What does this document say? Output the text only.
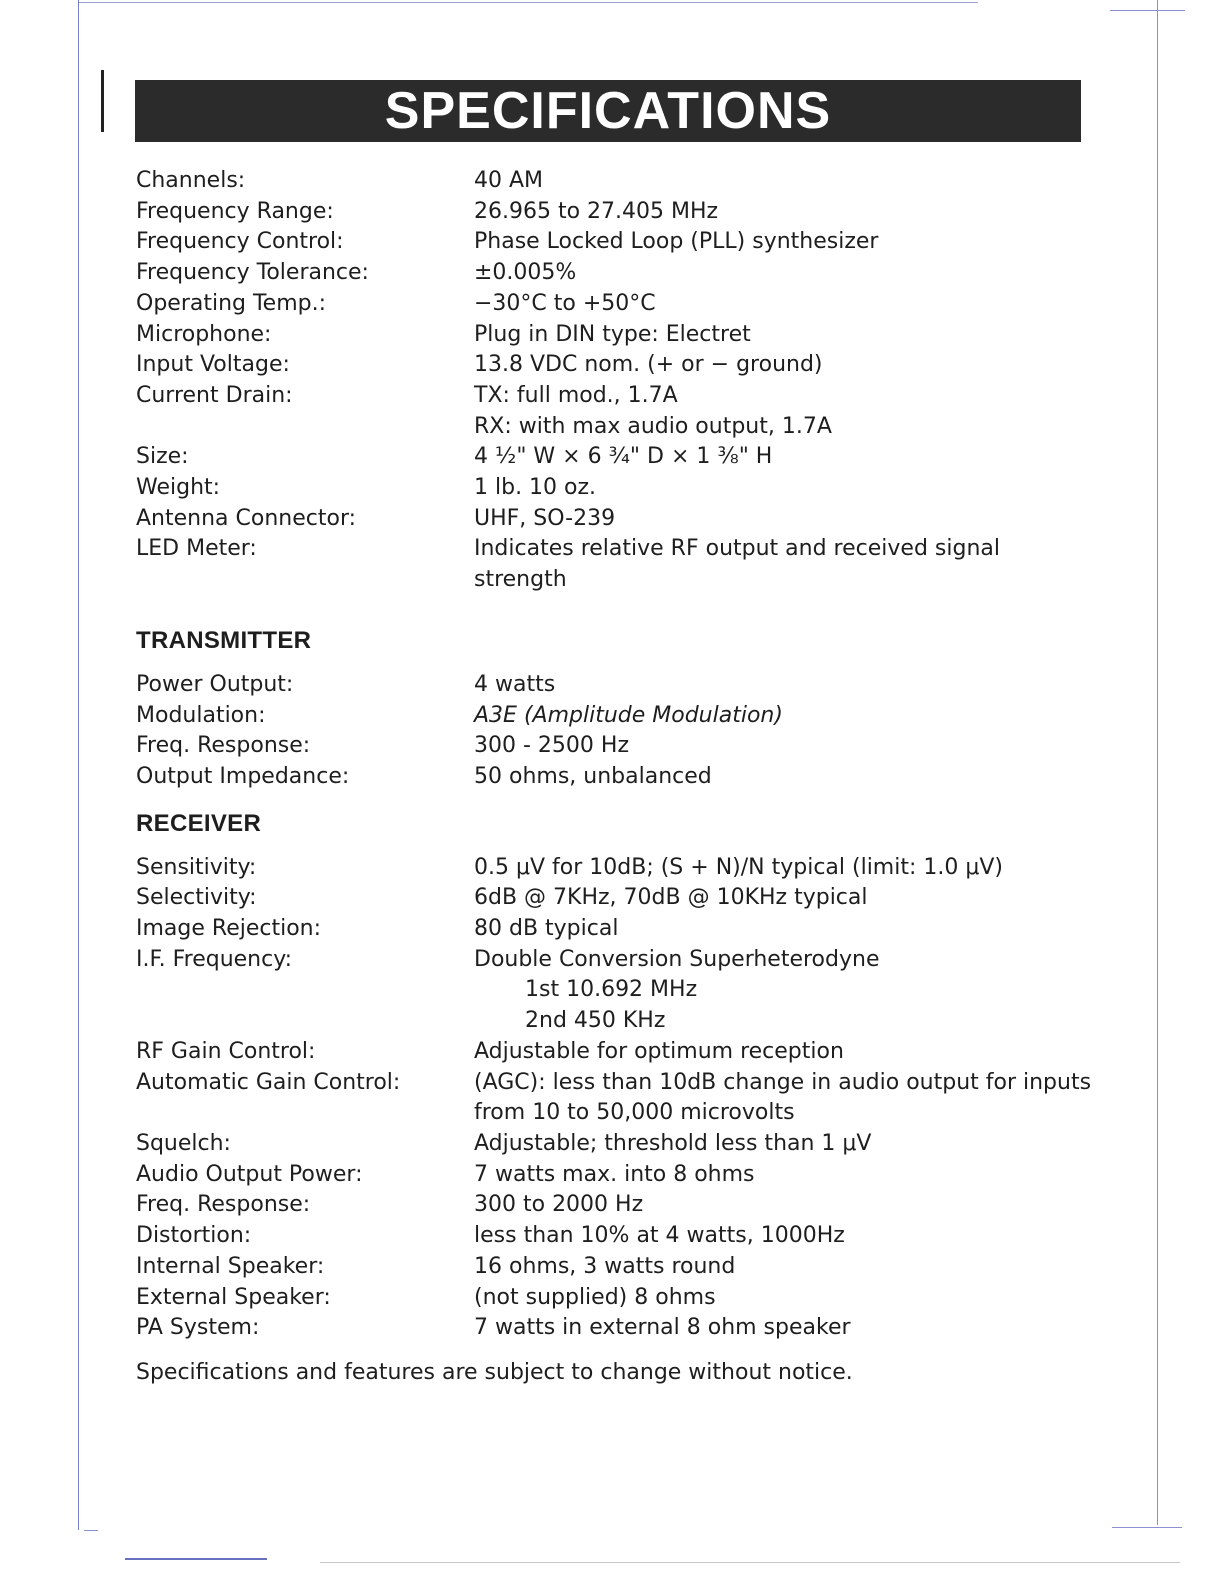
SPECIFICATIONS
Channels:	40 AM
Frequency Range:	26.965 to 27.405 MHz
Frequency Control:	Phase Locked Loop (PLL) synthesizer
Frequency Tolerance:	±0.005%
Operating Temp.:	−30°C to +50°C
Microphone:	Plug in DIN type: Electret
Input Voltage:	13.8 VDC nom. (+ or − ground)
Current Drain:	TX: full mod., 1.7A
RX: with max audio output, 1.7A
Size:	4 ½" W × 6 ¾" D × 1 ⅜" H
Weight:	1 lb. 10 oz.
Antenna Connector:	UHF, SO-239
LED Meter:	Indicates relative RF output and received signal
strength
TRANSMITTER
Power Output:	4 watts
Modulation:	A3E (Amplitude Modulation)
Freq. Response:	300 - 2500 Hz
Output Impedance:	50 ohms, unbalanced
RECEIVER
Sensitivity:	0.5 μV for 10dB; (S + N)/N typical (limit: 1.0 μV)
Selectivity:	6dB @ 7KHz, 70dB @ 10KHz typical
Image Rejection:	80 dB typical
I.F. Frequency:	Double Conversion Superheterodyne
1st 10.692 MHz
2nd 450 KHz
RF Gain Control:	Adjustable for optimum reception
Automatic Gain Control:	(AGC): less than 10dB change in audio output for inputs
from 10 to 50,000 microvolts
Squelch:	Adjustable; threshold less than 1 μV
Audio Output Power:	7 watts max. into 8 ohms
Freq. Response:	300 to 2000 Hz
Distortion:	less than 10% at 4 watts, 1000Hz
Internal Speaker:	16 ohms, 3 watts round
External Speaker:	(not supplied) 8 ohms
PA System:	7 watts in external 8 ohm speaker
Specifications and features are subject to change without notice.
